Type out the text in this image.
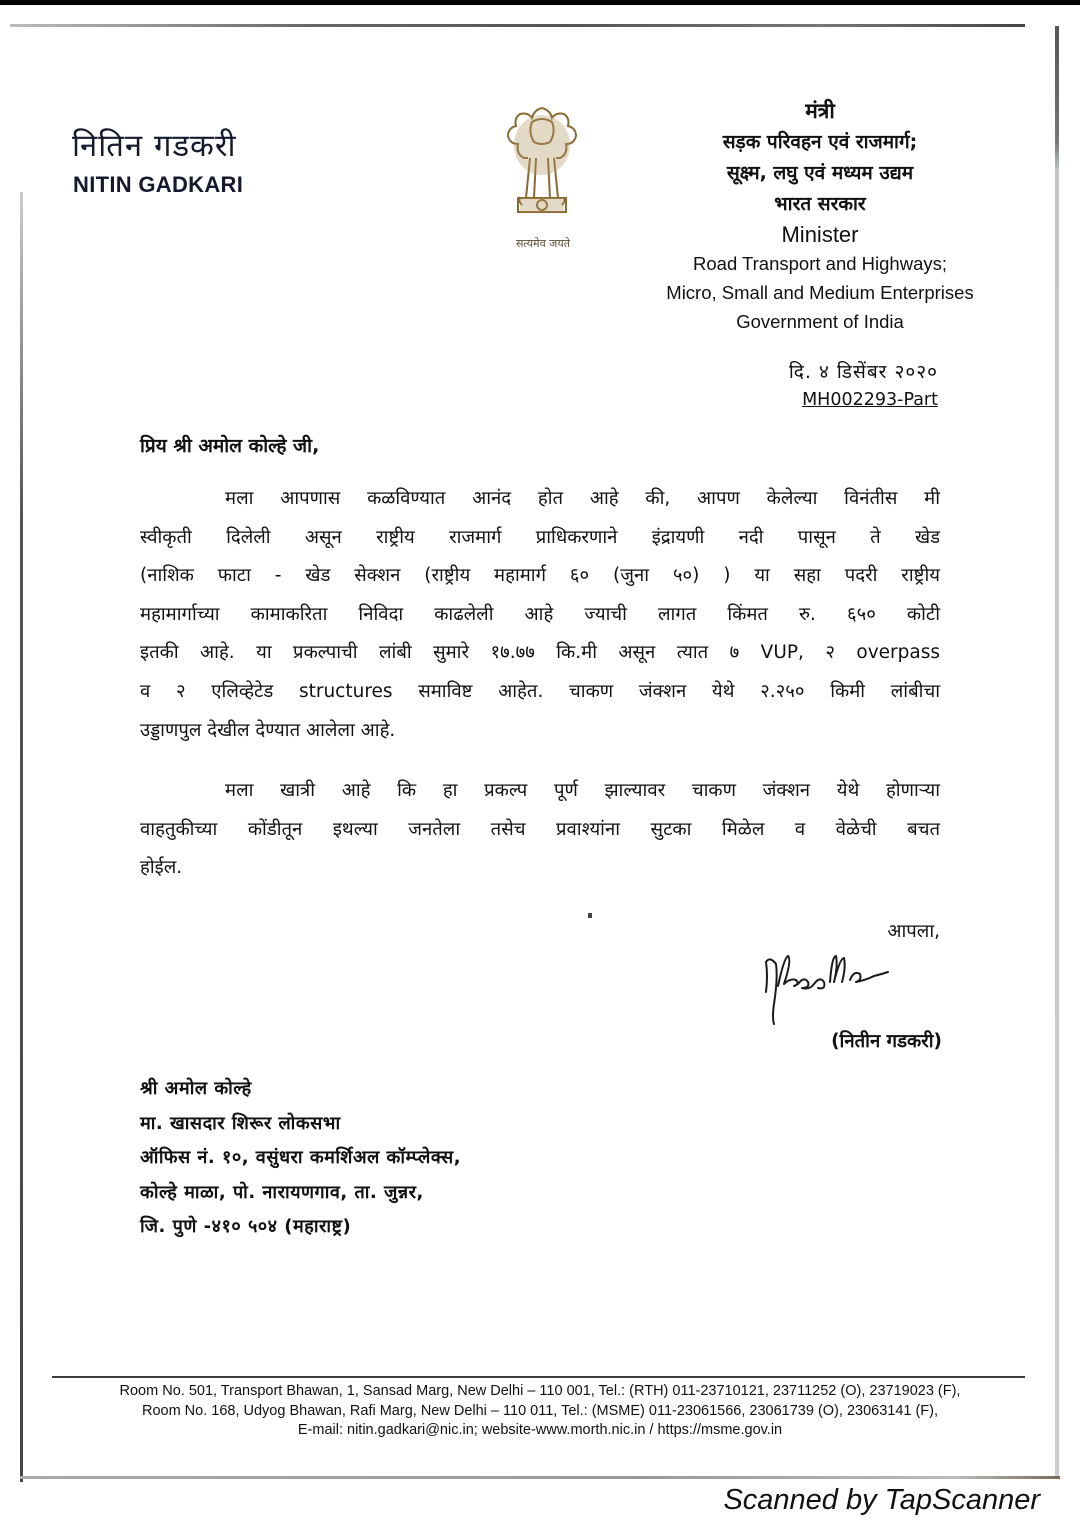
नितिन गडकरी
NITIN GADKARI
सत्यमेव जयते
मंत्री
सड़क परिवहन एवं राजमार्ग;
सूक्ष्म, लघु एवं मध्यम उद्यम
भारत सरकार
Minister
Road Transport and Highways;
Micro, Small and Medium Enterprises
Government of India
दि. ४ डिसेंबर २०२०
MH002293-Part
प्रिय श्री अमोल कोल्हे जी,
मला आपणास कळविण्यात आनंद होत आहे की, आपण केलेल्या विनंतीस मी
स्वीकृती दिलेली असून राष्ट्रीय राजमार्ग प्राधिकरणाने इंद्रायणी नदी पासून ते खेड
(नाशिक फाटा - खेड सेक्शन (राष्ट्रीय महामार्ग ६० (जुना ५०) ) या सहा पदरी राष्ट्रीय
महामार्गाच्या कामाकरिता निविदा काढलेली आहे ज्याची लागत किंमत रु. ६५० कोटी
इतकी आहे. या प्रकल्पाची लांबी सुमारे १७.७७ कि.मी असून त्यात ७ VUP, २ overpass
व २ एलिव्हेटेड structures समाविष्ट आहेत. चाकण जंक्शन येथे २.२५० किमी लांबीचा
उड्डाणपुल देखील देण्यात आलेला आहे.
मला खात्री आहे कि हा प्रकल्प पूर्ण झाल्यावर चाकण जंक्शन येथे होणाऱ्या
वाहतुकीच्या कोंडीतून इथल्या जनतेला तसेच प्रवाश्यांना सुटका मिळेल व वेळेची बचत
होईल.
आपला,
(नितीन गडकरी)
श्री अमोल कोल्हे
मा. खासदार शिरूर लोकसभा
ऑफिस नं. १०, वसुंधरा कमर्शिअल कॉम्प्लेक्स,
कोल्हे माळा, पो. नारायणगाव, ता. जुन्नर,
जि. पुणे -४१० ५०४ (महाराष्ट्र)
Room No. 501, Transport Bhawan, 1, Sansad Marg, New Delhi – 110 001, Tel.: (RTH) 011-23710121, 23711252 (O), 23719023 (F),
Room No. 168, Udyog Bhawan, Rafi Marg, New Delhi – 110 011, Tel.: (MSME) 011-23061566, 23061739 (O), 23063141 (F),
E-mail: nitin.gadkari@nic.in; website-www.morth.nic.in / https://msme.gov.in
Scanned by TapScanner
